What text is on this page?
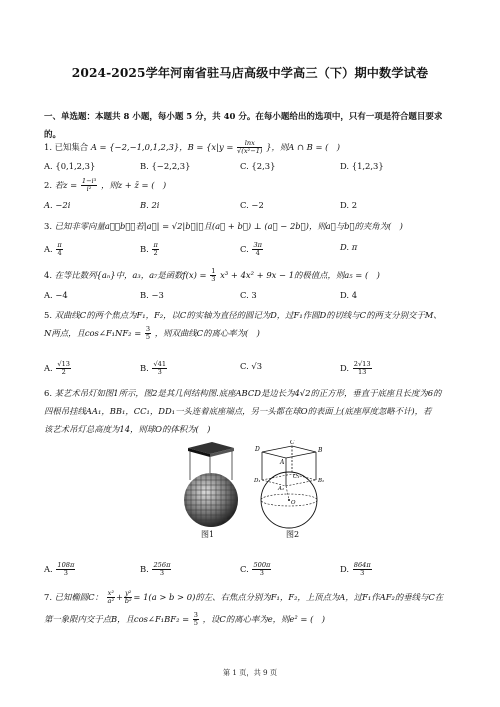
2024-2025学年河南省驻马店高级中学高三（下）期中数学试卷
一、单选题：本题共 8 小题，每小题 5 分，共 40 分。在每小题给出的选项中，只有一项是符合题目要求
的。
1. 已知集合 A = {−2,−1,0,1,2,3}，$B = \{x|y = \frac{\ln x}{\text{√(x²−1)}}$ }，则A ∩ B = (　)
A. {0,1,2,3}	B. {−2,2,3}	C. {2,3}	D. {1,2,3}
2. 若$z = \frac{\text{1−i³}}{\text{i²}}$ ，则z + z̄ = (　)
A. −2i	B. 2i	C. −2	D. 2
3. 已知非零向量a⃗，b⃗，若|a⃗| = √2|b⃗|，且(a⃗ + b⃗) ⊥ (a⃗ − 2b⃗)，则a⃗与b⃗的夹角为(　)
A. $\frac{\pi}{4}$	B. $\frac{\pi}{2}$	C. $\frac{3\pi}{4}$	D. π
4. 在等比数列{aₙ}中，a₃，a₇是函数$f(x) = \frac{1}{3} x^3 + 4x^2 + 9x - 1$的极值点，则a₅ = (　)
A. −4	B. −3	C. 3	D. 4
5. 双曲线C的两个焦点为F₁，F₂，以C的实轴为直径的圆记为D，过F₁作圆D的切线与C的两支分别交于M、
N两点，且cos∠F₁NF₂ = $\frac{3}{5}$ ，则双曲线C的离心率为(　)
A. $\frac{√13}{2}$	B. $\frac{√41}{3}$	C. √3	D. $\frac{2√13}{13}$
6. 某艺术吊灯如图1所示，图2是其几何结构图.底座ABCD是边长为4√2的正方形，垂直于底座且长度为6的
四根吊挂线AA₁，BB₁，CC₁，DD₁一头连着底座端点，另一头都在球O的表面上(底座厚度忽略不计)，若
该艺术吊灯总高度为14，则球O的体积为(　)
图1
D
C
B
A
D₁
C₁
B₁
A₁
O
图2
A. $\frac{108\pi}{3}$	B. $\frac{256\pi}{3}$	C. $\frac{500\pi}{3}$	D. $\frac{864\pi}{3}$
7. 已知椭圆C： $\frac{\text{x²}}{\text{a²}} + \frac{\text{y²}}{\text{b²}} = 1(a > b > 0)$的左、右焦点分别为F₁，F₂，上顶点为A，过F₁作AF₂的垂线与C在
第一象限内交于点B，且cos∠F₁BF₂ = $\frac{3}{5}$ ，设C的离心率为e，则e² = (　)
第 1 页，共 9 页
